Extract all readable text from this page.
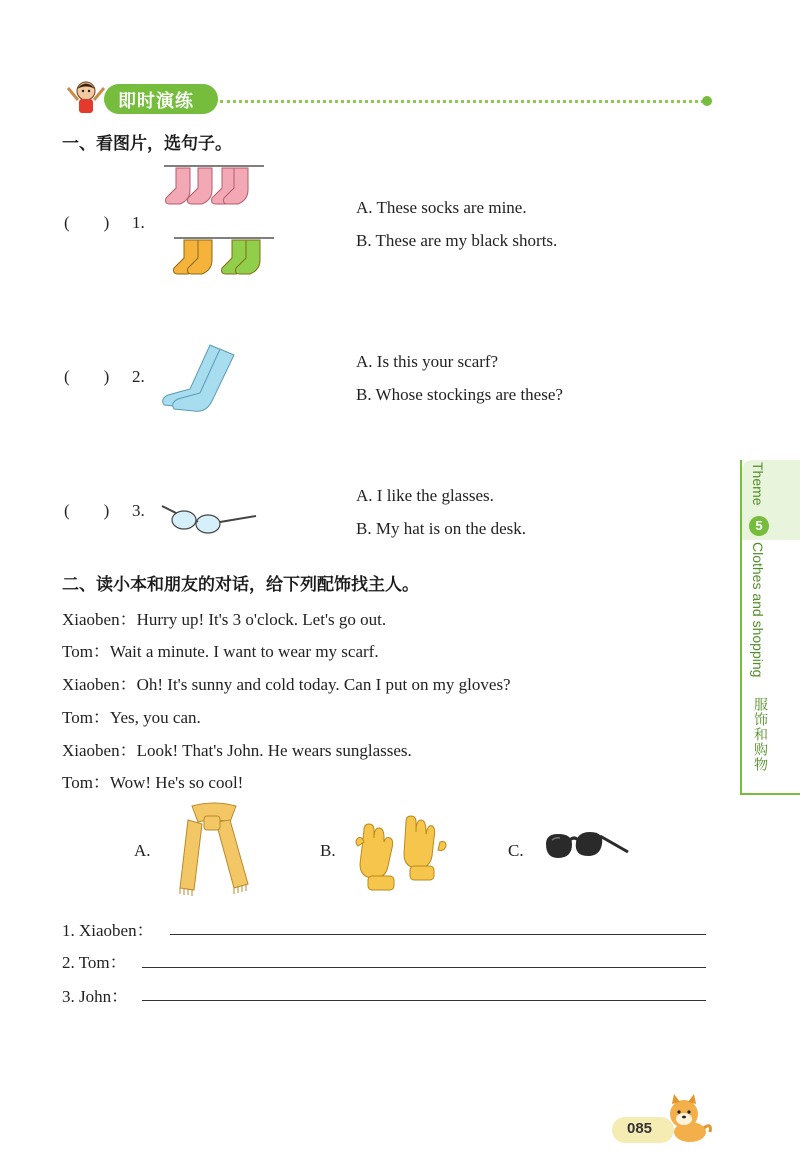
即时演练
一、看图片，选句子。
(        ) 1.
A. These socks are mine.
B. These are my black shorts.
(        ) 2.
A. Is this your scarf?
B. Whose stockings are these?
(        ) 3.
A. I like the glasses.
B. My hat is on the desk.
二、读小本和朋友的对话，给下列配饰找主人。
Xiaoben：Hurry up! It's 3 o'clock. Let's go out.
Tom：Wait a minute. I want to wear my scarf.
Xiaoben：Oh! It's sunny and cold today. Can I put on my gloves?
Tom：Yes, you can.
Xiaoben：Look! That's John. He wears sunglasses.
Tom：Wow! He's so cool!
A.	B.	C.
1. Xiaoben：
2. Tom：
3. John：
Theme
5
Clothes and shopping
服饰和购物
085
